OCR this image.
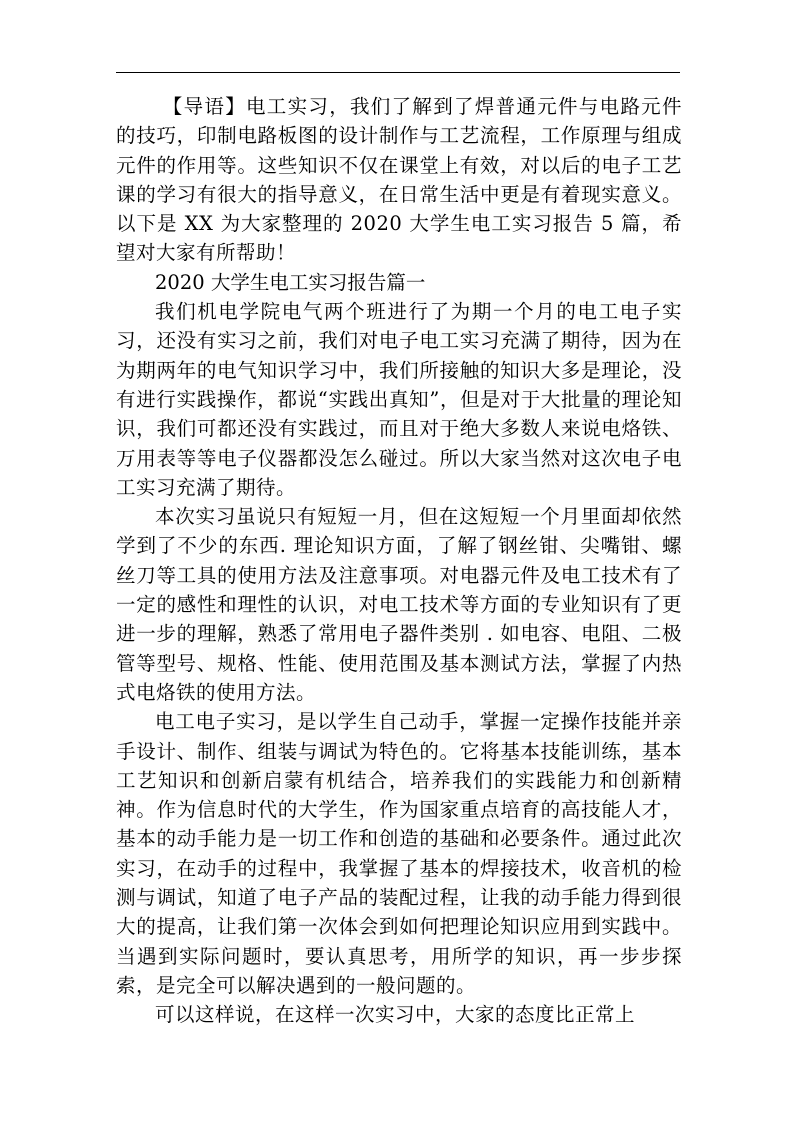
【导语】电工实习，我们了解到了焊普通元件与电路元件的技巧，印制电路板图的设计制作与工艺流程，工作原理与组成元件的作用等。这些知识不仅在课堂上有效，对以后的电子工艺课的学习有很大的指导意义，在日常生活中更是有着现实意义。以下是 XX 为大家整理的 2020 大学生电工实习报告 5 篇，希望对大家有所帮助！

2020 大学生电工实习报告篇一

我们机电学院电气两个班进行了为期一个月的电工电子实习，还没有实习之前，我们对电子电工实习充满了期待，因为在为期两年的电气知识学习中，我们所接触的知识大多是理论，没有进行实践操作，都说“实践出真知”，但是对于大批量的理论知识，我们可都还没有实践过，而且对于绝大多数人来说电烙铁、万用表等等电子仪器都没怎么碰过。所以大家当然对这次电子电工实习充满了期待。

本次实习虽说只有短短一月，但在这短短一个月里面却依然学到了不少的东西. 理论知识方面，了解了钢丝钳、尖嘴钳、螺丝刀等工具的使用方法及注意事项。对电器元件及电工技术有了一定的感性和理性的认识，对电工技术等方面的专业知识有了更进一步的理解，熟悉了常用电子器件类别 . 如电容、电阻、二极管等型号、规格、性能、使用范围及基本测试方法，掌握了内热式电烙铁的使用方法。

电工电子实习，是以学生自己动手，掌握一定操作技能并亲手设计、制作、组装与调试为特色的。它将基本技能训练，基本工艺知识和创新启蒙有机结合，培养我们的实践能力和创新精神。作为信息时代的大学生，作为国家重点培育的高技能人才，基本的动手能力是一切工作和创造的基础和必要条件。通过此次实习，在动手的过程中，我掌握了基本的焊接技术，收音机的检测与调试，知道了电子产品的装配过程，让我的动手能力得到很大的提高，让我们第一次体会到如何把理论知识应用到实践中。当遇到实际问题时，要认真思考，用所学的知识，再一步步探索，是完全可以解决遇到的一般问题的。

可以这样说，在这样一次实习中，大家的态度比正常上
